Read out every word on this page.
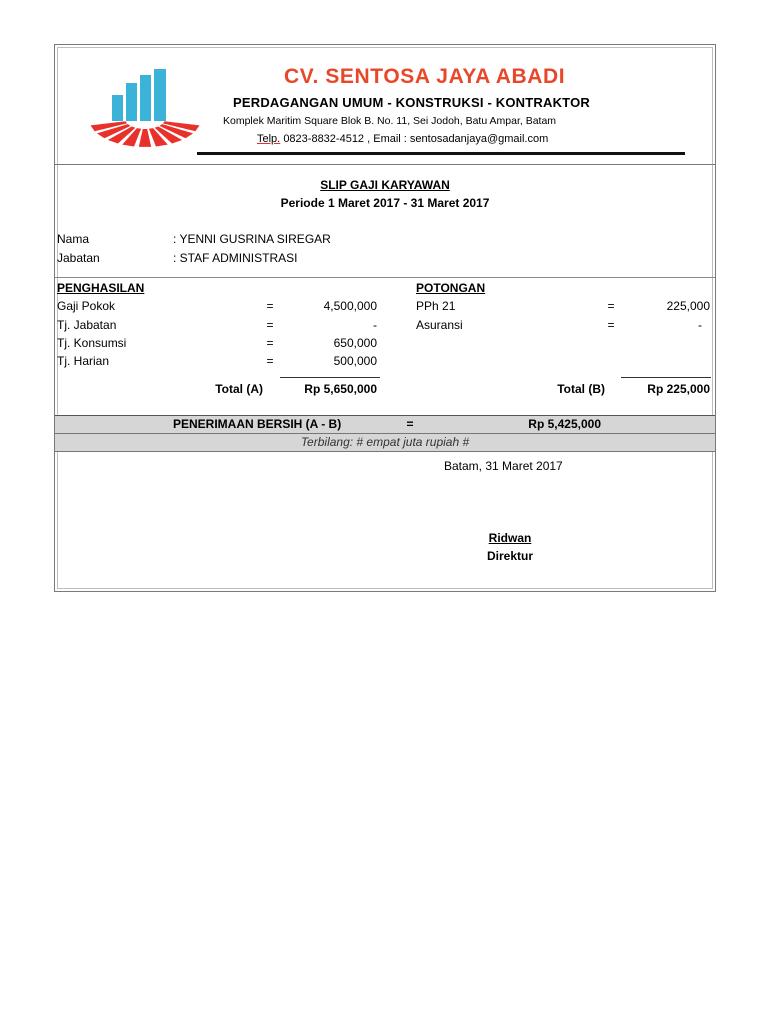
CV. SENTOSA JAYA ABADI
PERDAGANGAN UMUM - KONSTRUKSI - KONTRAKTOR
Komplek Maritim Square Blok B. No. 11, Sei Jodoh, Batu Ampar, Batam
Telp. 0823-8832-4512 , Email : sentosadanjaya@gmail.com
SLIP GAJI KARYAWAN
Periode 1 Maret 2017 - 31 Maret 2017
Nama	: YENNI GUSRINA SIREGAR
Jabatan	: STAF ADMINISTRASI
PENGHASILAN
Gaji Pokok	=	4,500,000
Tj. Jabatan	=	-
Tj. Konsumsi	=	650,000
Tj. Harian	=	500,000
Total (A)	Rp 5,650,000
POTONGAN
PPh 21	=	225,000
Asuransi	=	-
Total (B)	Rp 225,000
PENERIMAAN BERSIH (A - B)	=	Rp 5,425,000
Terbilang: # empat juta rupiah #
Batam, 31 Maret 2017
Ridwan
Direktur
